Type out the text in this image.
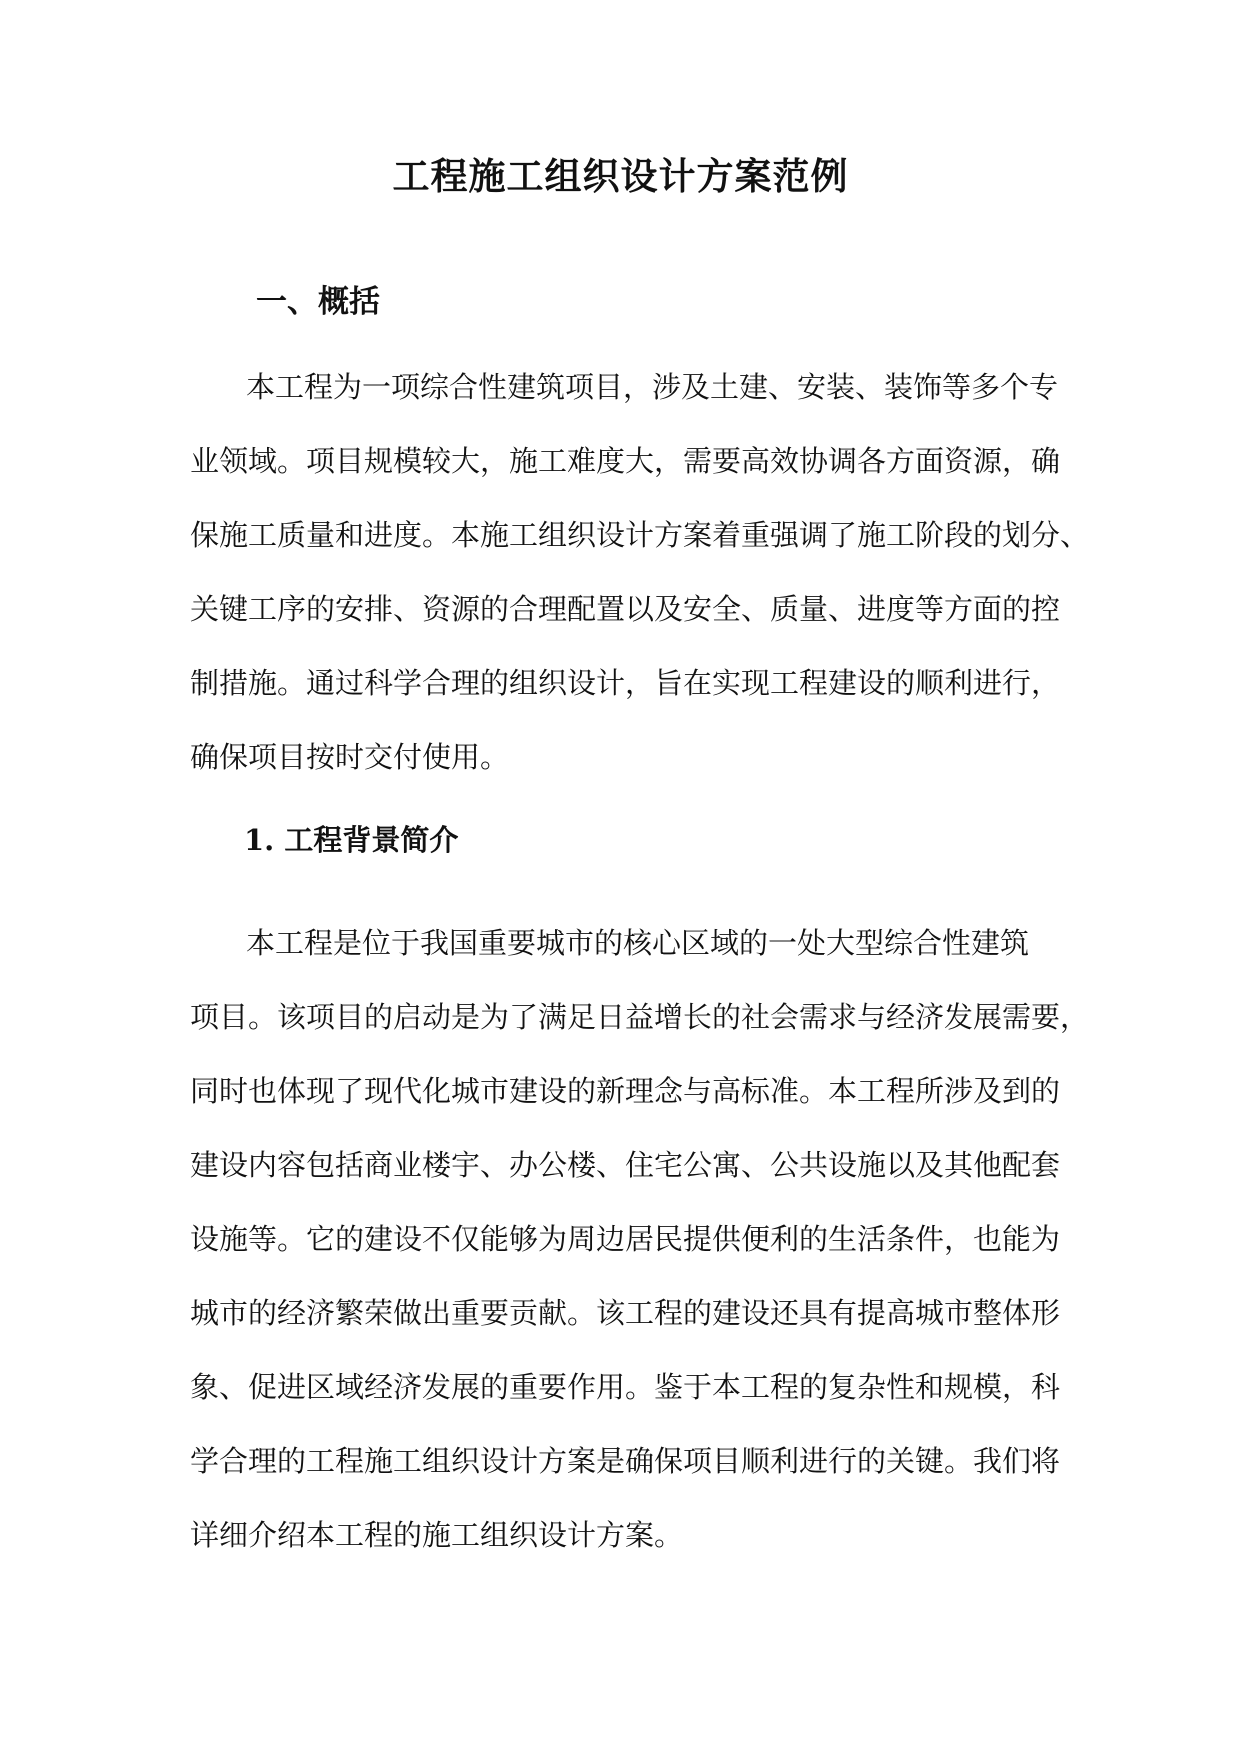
工程施工组织设计方案范例
一、概括
本工程为一项综合性建筑项目，涉及土建、安装、装饰等多个专
业领域。项目规模较大，施工难度大，需要高效协调各方面资源，确
保施工质量和进度。本施工组织设计方案着重强调了施工阶段的划分、
关键工序的安排、资源的合理配置以及安全、质量、进度等方面的控
制措施。通过科学合理的组织设计，旨在实现工程建设的顺利进行，
确保项目按时交付使用。
1. 工程背景简介
本工程是位于我国重要城市的核心区域的一处大型综合性建筑
项目。该项目的启动是为了满足日益增长的社会需求与经济发展需要，
同时也体现了现代化城市建设的新理念与高标准。本工程所涉及到的
建设内容包括商业楼宇、办公楼、住宅公寓、公共设施以及其他配套
设施等。它的建设不仅能够为周边居民提供便利的生活条件，也能为
城市的经济繁荣做出重要贡献。该工程的建设还具有提高城市整体形
象、促进区域经济发展的重要作用。鉴于本工程的复杂性和规模，科
学合理的工程施工组织设计方案是确保项目顺利进行的关键。我们将
详细介绍本工程的施工组织设计方案。
